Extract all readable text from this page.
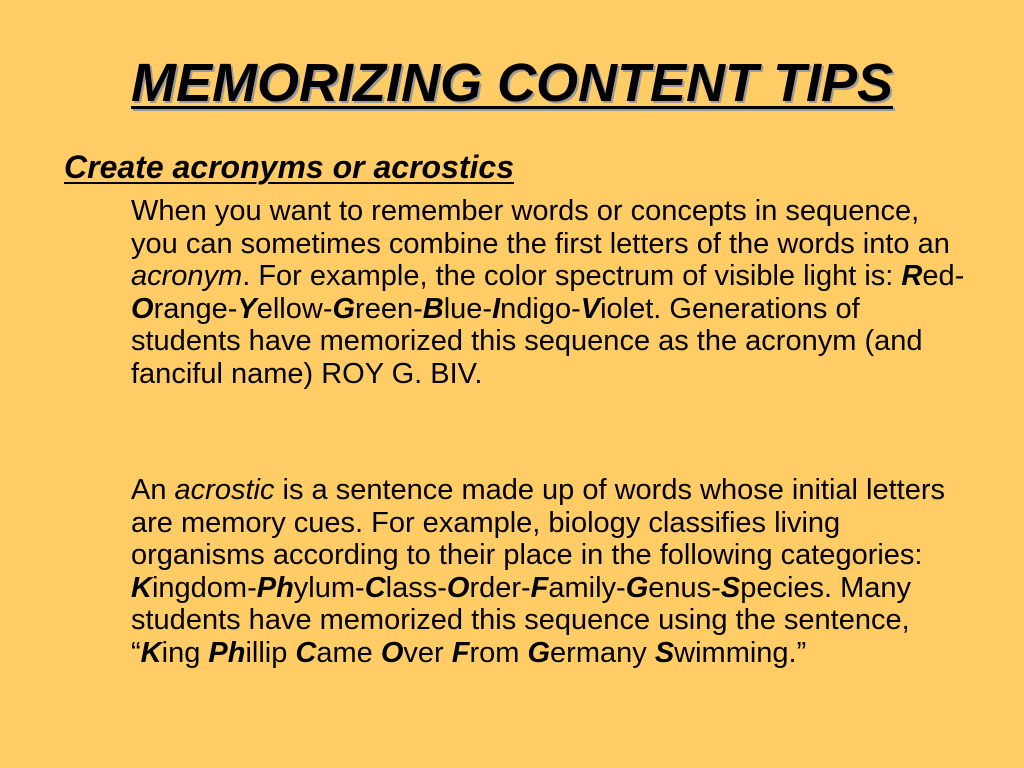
MEMORIZING CONTENT TIPS
Create acronyms or acrostics

When you want to remember words or concepts in sequence, you can sometimes combine the first letters of the words into an acronym. For example, the color spectrum of visible light is: Red-Orange-Yellow-Green-Blue-Indigo-Violet. Generations of students have memorized this sequence as the acronym (and fanciful name) ROY G. BIV.

An acrostic is a sentence made up of words whose initial letters are memory cues. For example, biology classifies living organisms according to their place in the following categories: Kingdom-Phylum-Class-Order-Family-Genus-Species. Many students have memorized this sequence using the sentence, “King Phillip Came Over From Germany Swimming.”
